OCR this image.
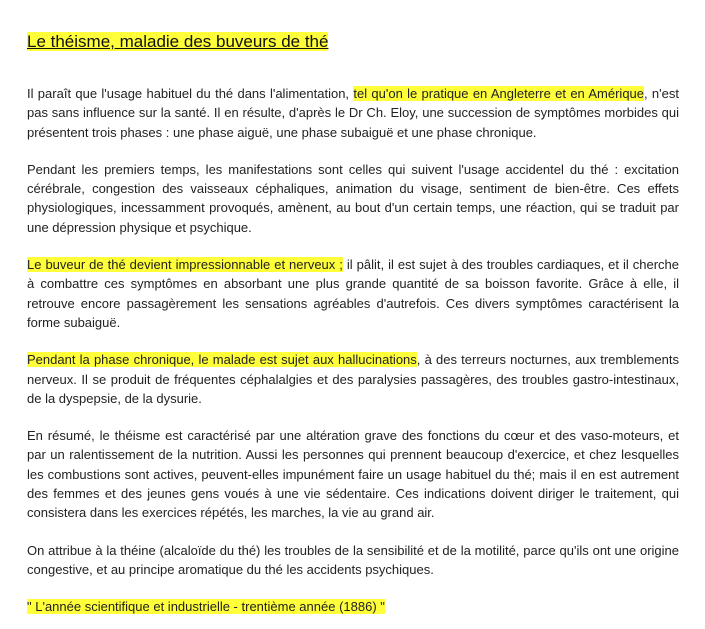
Le théisme, maladie des buveurs de thé

Il paraît que l'usage habituel du thé dans l'alimentation, tel qu'on le pratique en Angleterre et en Amérique, n'est pas sans influence sur la santé. Il en résulte, d'après le Dr Ch. Eloy, une succession de symptômes morbides qui présentent trois phases : une phase aiguë, une phase subaiguë et une phase chronique.

Pendant les premiers temps, les manifestations sont celles qui suivent l'usage accidentel du thé : excitation cérébrale, congestion des vaisseaux céphaliques, animation du visage, sentiment de bien-être. Ces effets physiologiques, incessamment provoqués, amènent, au bout d'un certain temps, une réaction, qui se traduit par une dépression physique et psychique.

Le buveur de thé devient impressionnable et nerveux ; il pâlit, il est sujet à des troubles cardiaques, et il cherche à combattre ces symptômes en absorbant une plus grande quantité de sa boisson favorite. Grâce à elle, il retrouve encore passagèrement les sensations agréables d'autrefois. Ces divers symptômes caractérisent la forme subaiguë.

Pendant la phase chronique, le malade est sujet aux hallucinations, à des terreurs nocturnes, aux tremblements nerveux. Il se produit de fréquentes céphalalgies et des paralysies passagères, des troubles gastro-intestinaux, de la dyspepsie, de la dysurie.

En résumé, le théisme est caractérisé par une altération grave des fonctions du cœur et des vaso-moteurs, et par un ralentissement de la nutrition. Aussi les personnes qui prennent beaucoup d'exercice, et chez lesquelles les combustions sont actives, peuvent-elles impunément faire un usage habituel du thé; mais il en est autrement des femmes et des jeunes gens voués à une vie sédentaire. Ces indications doivent diriger le traitement, qui consistera dans les exercices répétés, les marches, la vie au grand air.

On attribue à la théine (alcaloïde du thé) les troubles de la sensibilité et de la motilité, parce qu'ils ont une origine congestive, et au principe aromatique du thé les accidents psychiques.

" L'année scientifique et industrielle - trentième année (1886) "
